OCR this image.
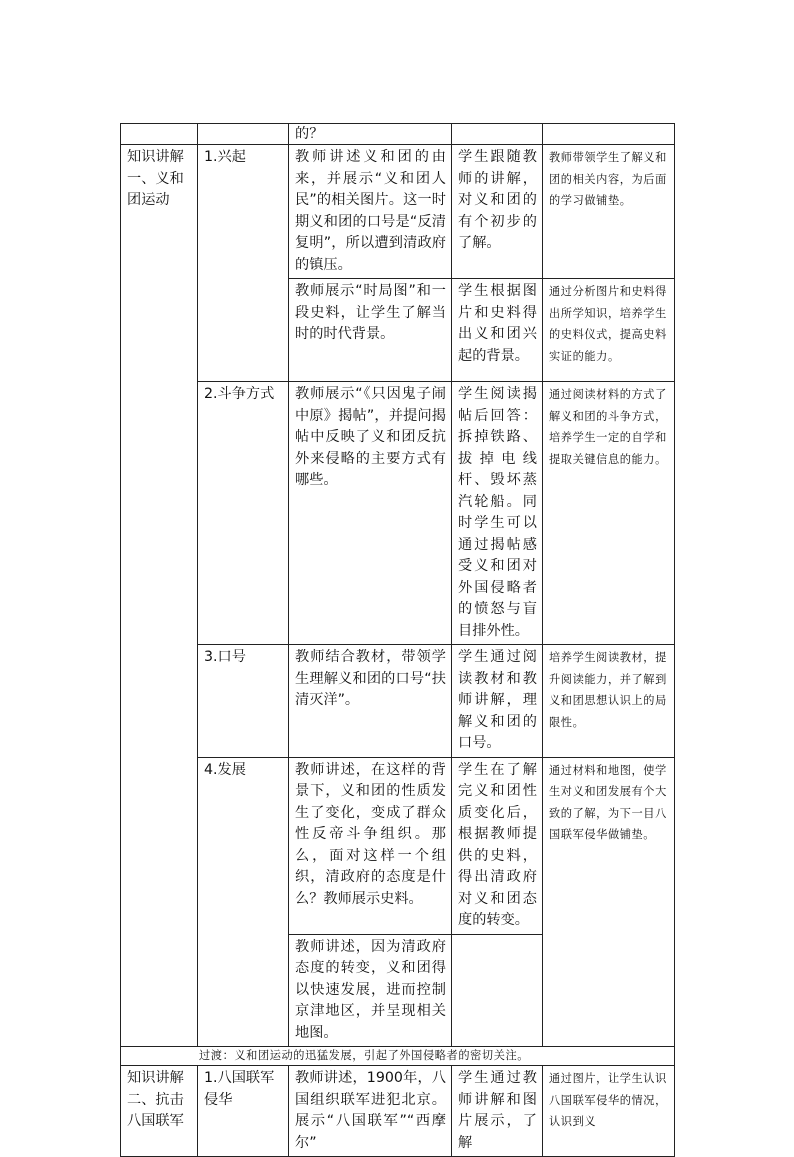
		的？		
知识讲解一、义和团运动	1.兴起	教师讲述义和团的由来，并展示“义和团人民”的相关图片。这一时期义和团的口号是“反清复明”，所以遭到清政府的镇压。	学生跟随教师的讲解，对义和团的有个初步的了解。	教师带领学生了解义和团的相关内容，为后面的学习做铺垫。
		教师展示“时局图”和一段史料，让学生了解当时的时代背景。	学生根据图片和史料得出义和团兴起的背景。	通过分析图片和史料得出所学知识，培养学生的史料仪式，提高史料实证的能力。
	2.斗争方式	教师展示“《只因鬼子闹中原》揭帖”，并提问揭帖中反映了义和团反抗外来侵略的主要方式有哪些。	学生阅读揭帖后回答：拆掉铁路、拔掉电线杆、毁坏蒸汽轮船。同时学生可以通过揭帖感受义和团对外国侵略者的愤怒与盲目排外性。	通过阅读材料的方式了解义和团的斗争方式，培养学生一定的自学和提取关键信息的能力。
	3.口号	教师结合教材，带领学生理解义和团的口号“扶清灭洋”。	学生通过阅读教材和教师讲解，理解义和团的口号。	培养学生阅读教材，提升阅读能力，并了解到义和团思想认识上的局限性。
	4.发展	教师讲述，在这样的背景下，义和团的性质发生了变化，变成了群众性反帝斗争组织。那么，面对这样一个组织，清政府的态度是什么？教师展示史料。	学生在了解完义和团性质变化后，根据教师提供的史料，得出清政府对义和团态度的转变。	通过材料和地图，使学生对义和团发展有个大致的了解，为下一目八国联军侵华做铺垫。
		教师讲述，因为清政府态度的转变，义和团得以快速发展，进而控制京津地区，并呈现相关地图。		
过渡：义和团运动的迅猛发展，引起了外国侵略者的密切关注。				
知识讲解二、抗击八国联军	1.八国联军侵华	教师讲述，1900年，八国组织联军进犯北京。展示“八国联军”“西摩尔”	学生通过教师讲解和图片展示，了解	通过图片，让学生认识八国联军侵华的情况，认识到义
